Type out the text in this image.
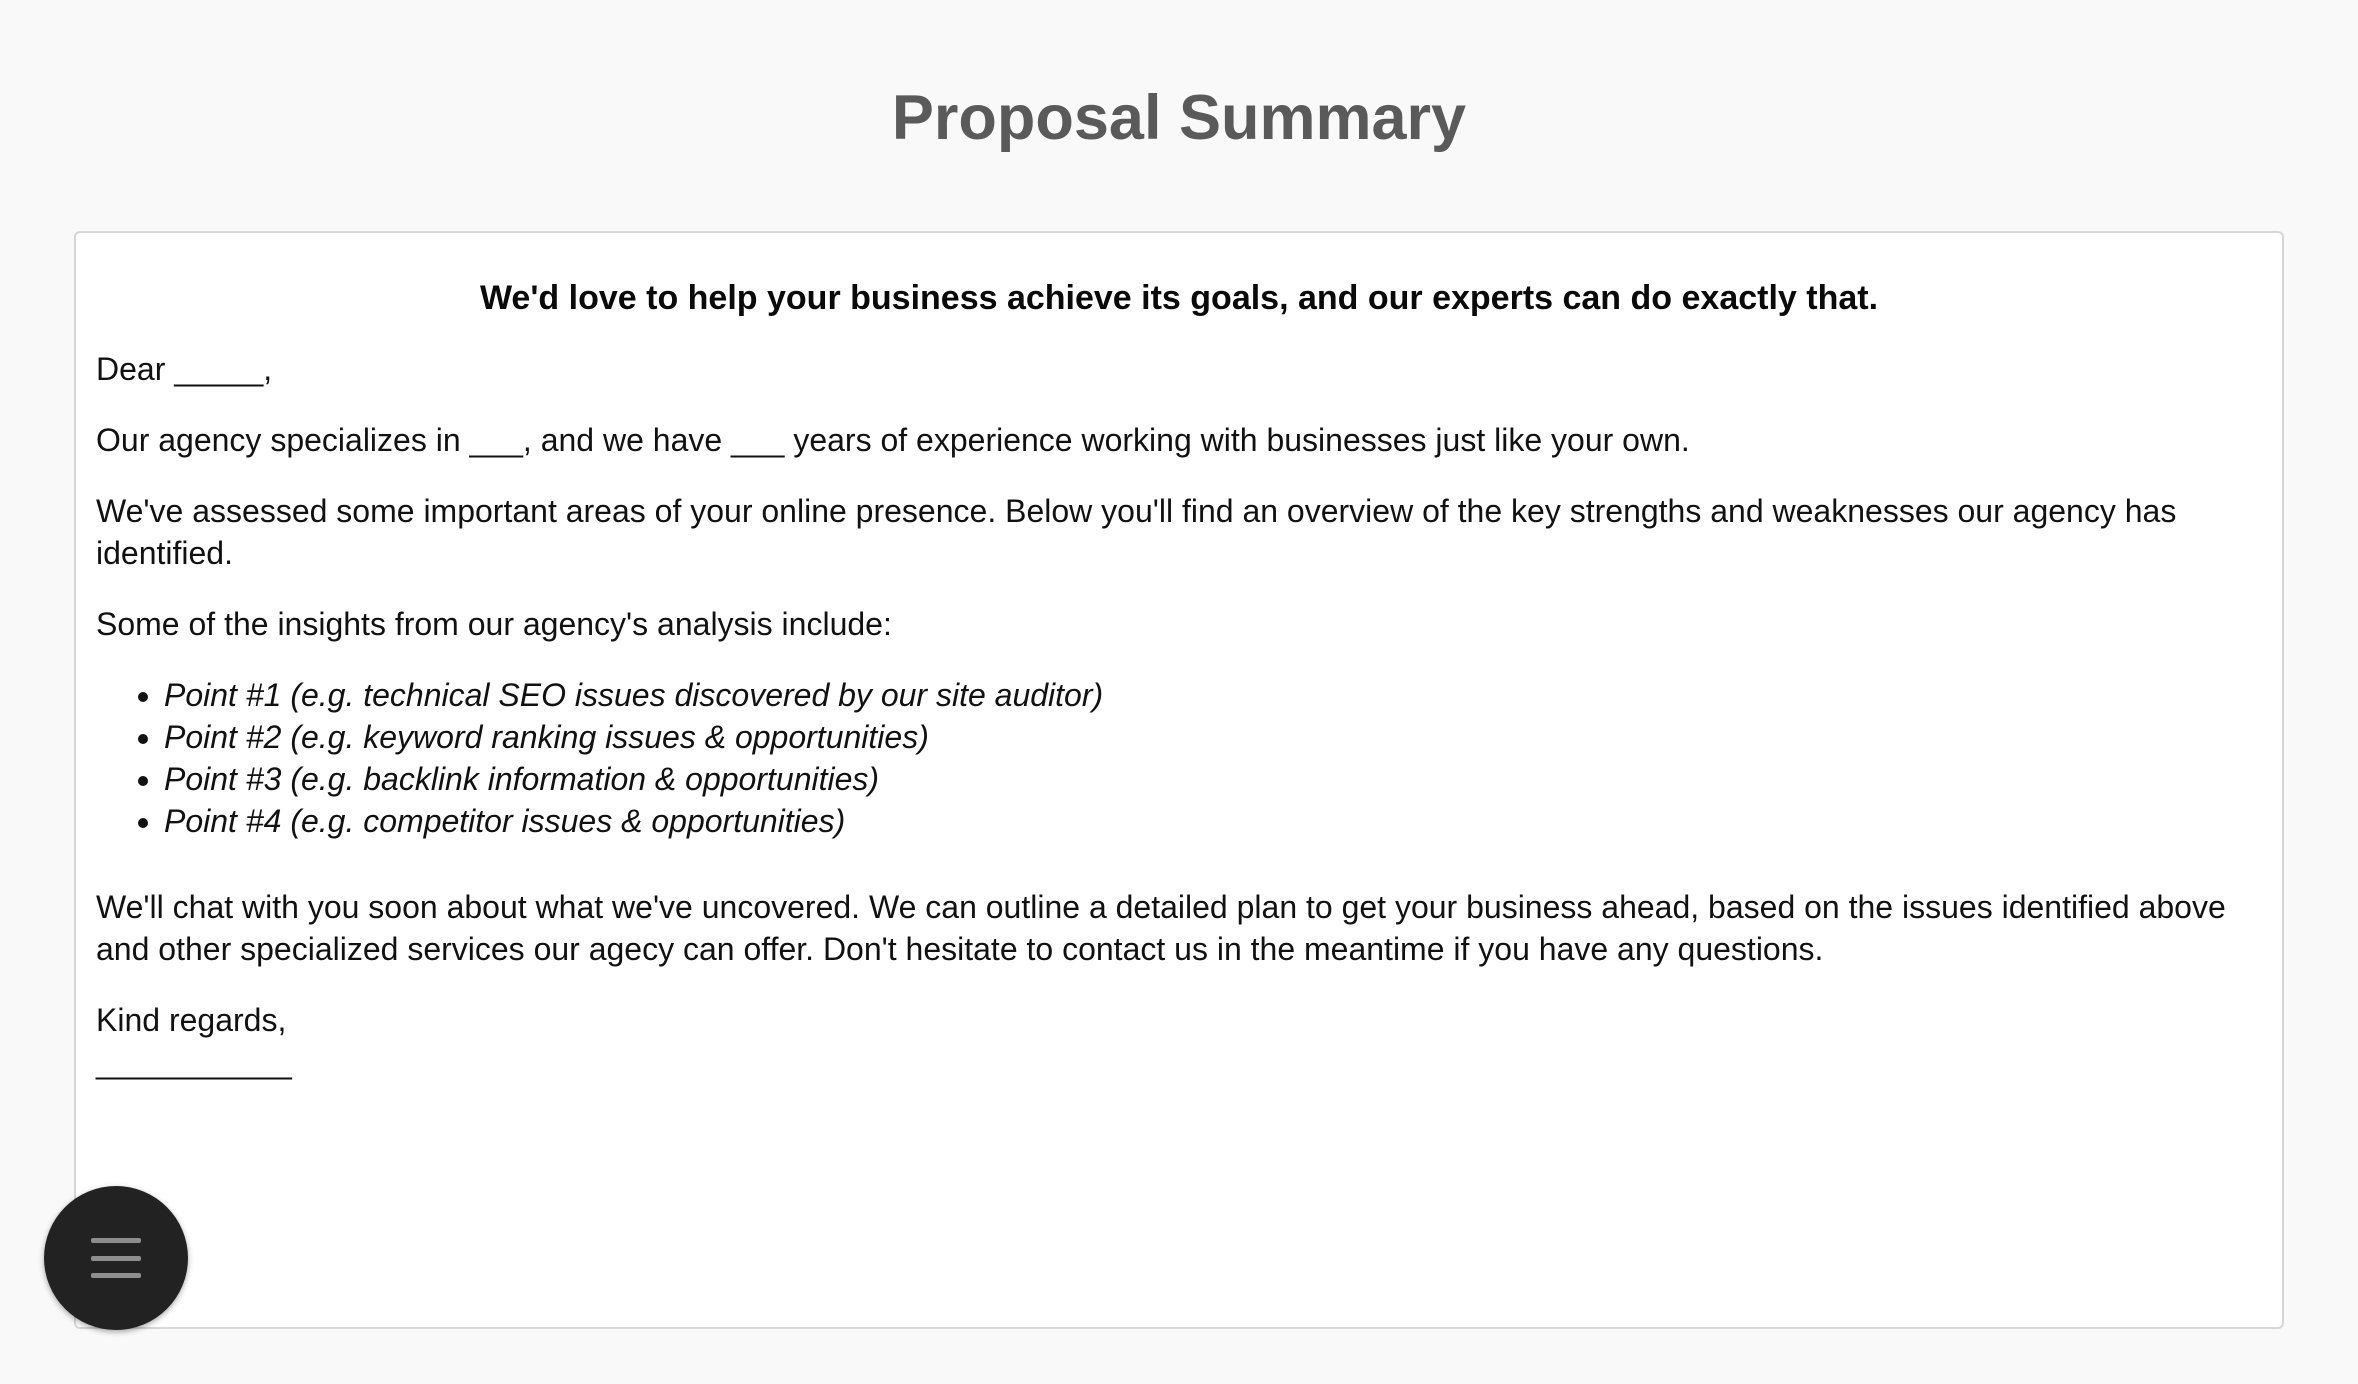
Proposal Summary

We'd love to help your business achieve its goals, and our experts can do exactly that.

Dear _____,

Our agency specializes in ___, and we have ___ years of experience working with businesses just like your own.

We've assessed some important areas of your online presence. Below you'll find an overview of the key strengths and weaknesses our agency has identified.

Some of the insights from our agency's analysis include:

• Point #1 (e.g. technical SEO issues discovered by our site auditor)
• Point #2 (e.g. keyword ranking issues & opportunities)
• Point #3 (e.g. backlink information & opportunities)
• Point #4 (e.g. competitor issues & opportunities)

We'll chat with you soon about what we've uncovered. We can outline a detailed plan to get your business ahead, based on the issues identified above and other specialized services our agecy can offer. Don't hesitate to contact us in the meantime if you have any questions.

Kind regards,

___________
